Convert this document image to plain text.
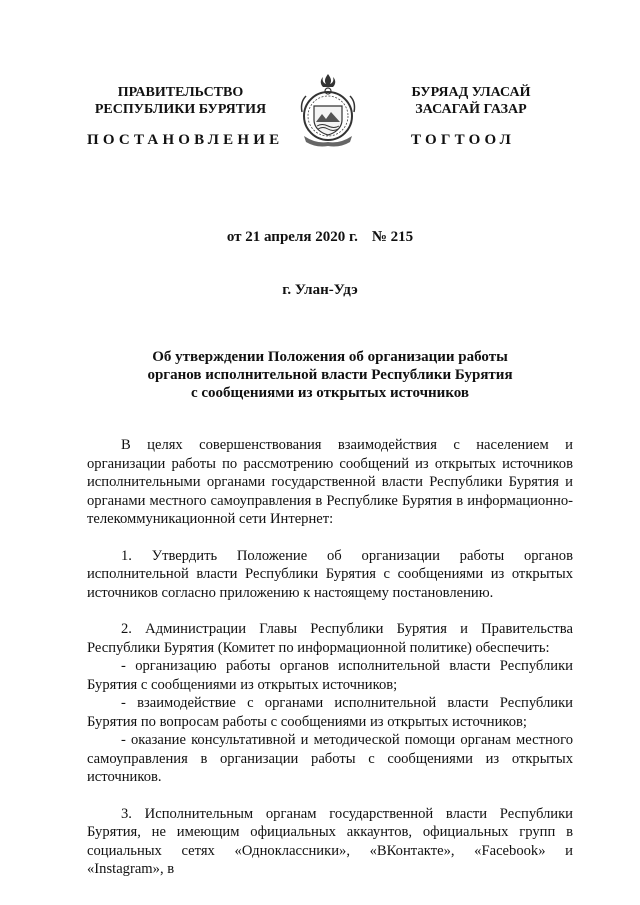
ПРАВИТЕЛЬСТВО
РЕСПУБЛИКИ БУРЯТИЯ
БУРЯАД УЛАСАЙ
ЗАСАГАЙ ГАЗАР
ПОСТАНОВЛЕНИЕ	ТОГТООЛ
от 21 апреля 2020 г. № 215
г. Улан-Удэ
Об утверждении Положения об организации работы
органов исполнительной власти Республики Бурятия
с сообщениями из открытых источников

В целях совершенствования взаимодействия с населением и организации работы по рассмотрению сообщений из открытых источников исполнительными органами государственной власти Республики Бурятия и органами местного самоуправления в Республике Бурятия в информационно-телекоммуникационной сети Интернет:

1. Утвердить Положение об организации работы органов исполнительной власти Республики Бурятия с сообщениями из открытых источников согласно приложению к настоящему постановлению.

2. Администрации Главы Республики Бурятия и Правительства Республики Бурятия (Комитет по информационной политике) обеспечить:

- организацию работы органов исполнительной власти Республики Бурятия с сообщениями из открытых источников;

- взаимодействие с органами исполнительной власти Республики Бурятия по вопросам работы с сообщениями из открытых источников;

- оказание консультативной и методической помощи органам местного самоуправления в организации работы с сообщениями из открытых источников.

3. Исполнительным органам государственной власти Республики Бурятия, не имеющим официальных аккаунтов, официальных групп в социальных сетях «Одноклассники», «ВКонтакте», «Facebook» и «Instagram», в
